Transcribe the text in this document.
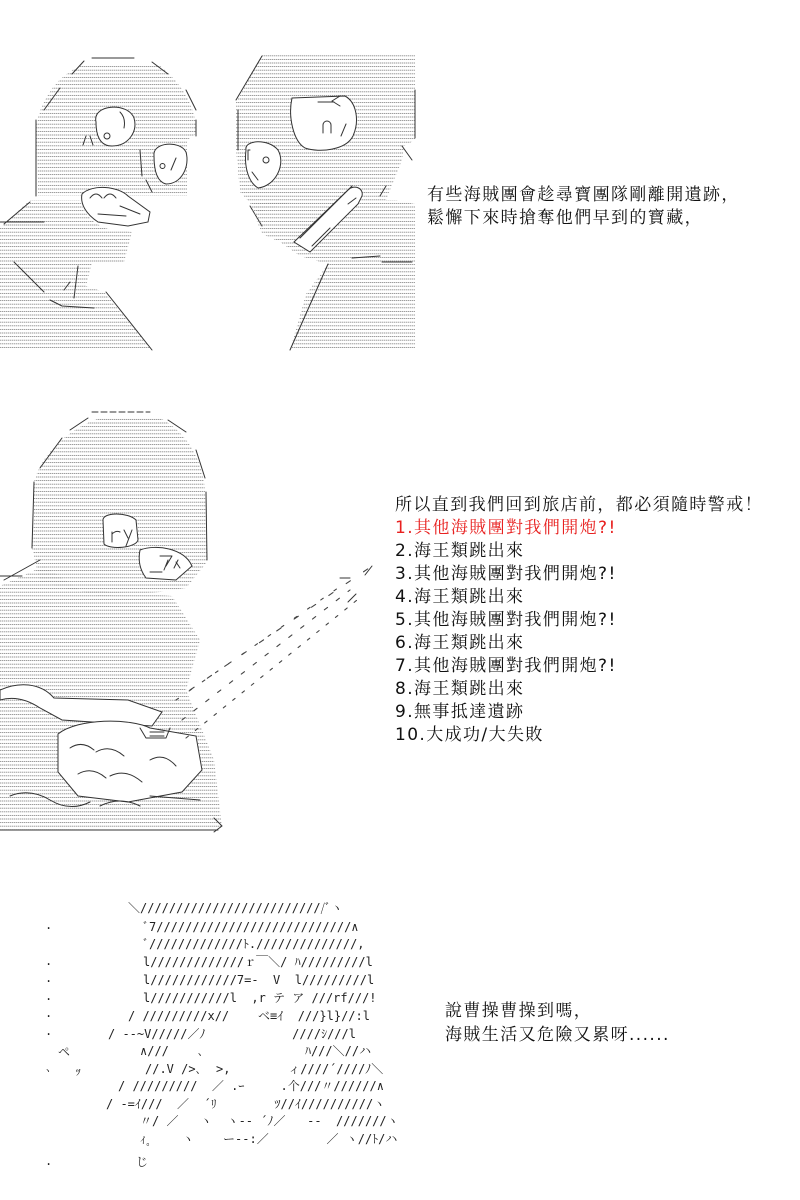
有些海賊團會趁尋寶團隊剛離開遺跡，
鬆懈下來時搶奪他們早到的寶藏，
所以直到我們回到旅店前，都必須隨時警戒！
1.其他海賊團對我們開炮?!
2.海王類跳出來
3.其他海賊團對我們開炮?!
4.海王類跳出來
5.其他海賊團對我們開炮?!
6.海王類跳出來
7.其他海賊團對我們開炮?!
8.海王類跳出來
9.無事抵達遺跡
10.大成功/大失敗
＼//////////////////////////ﾞヽ
ﾞ7///////////////////////////∧
ﾞ/////////////ﾄ.//////////////,
l/////////////ｒ￣＼/ ﾊ/////////l
l////////////7=-  V  l/////////l
l///////////l  ,r テ ア ///rf///!
/ /////////x//    ベ≡ｲ  ///}l}//:l
/ --~V/////／ﾉ            ////ｼ///l
∧///    ､              ﾊ///＼//ハ
//.V />､  >,        ィ////´////ﾉ＼
/ /////////  ／ .ｰ     .个///〃//////∧
/ -=ｲ///  ／  ´ﾘ        ﾂ//ｲ//////////ヽ
〃/ ／   ヽ  ヽ-- ´ﾉ／   --  ///////ヽ
ｨ     ヽ    ー--:／        ／ ヽ//ﾄ/ハ
ﾟ
じ
.
.
.
.
.
.
ペ
､ ｯ
.
說曹操曹操到嗎，
海賊生活又危險又累呀......
